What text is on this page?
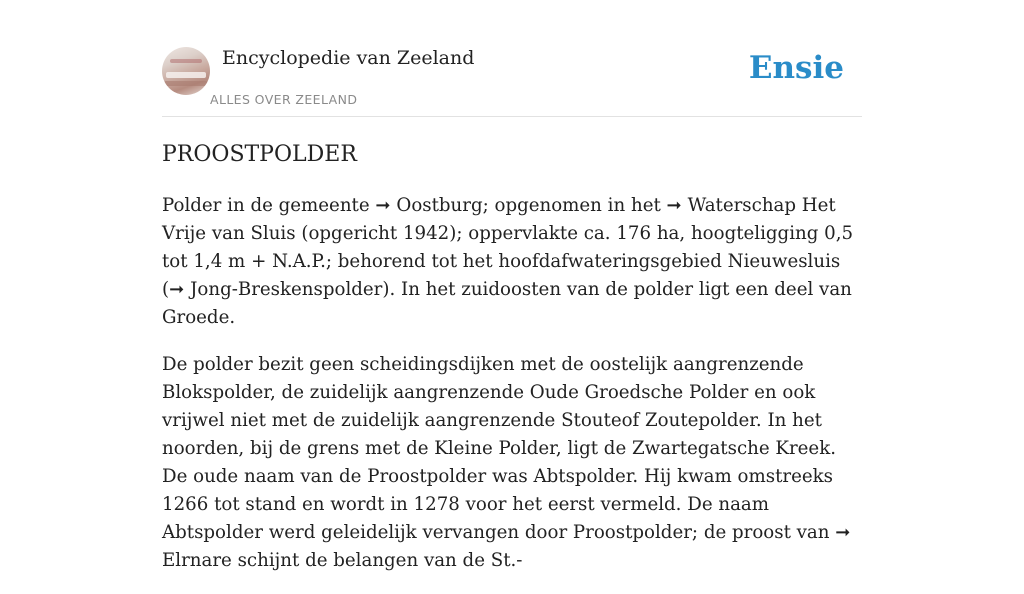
Encyclopedie van Zeeland
ALLES OVER ZEELAND
Ensie
PROOSTPOLDER

Polder in de gemeente ➞ Oostburg; opgenomen in het ➞ Waterschap Het Vrije van Sluis (opgericht 1942); oppervlakte ca. 176 ha, hoogteligging 0,5 tot 1,4 m + N.A.P.; behorend tot het hoofdafwateringsgebied Nieuwesluis (➞ Jong-Breskenspolder). In het zuidoosten van de polder ligt een deel van Groede.

De polder bezit geen scheidingsdijken met de oostelijk aangrenzende Blokspolder, de zuidelijk aangrenzende Oude Groedsche Polder en ook vrijwel niet met de zuidelijk aangrenzende Stouteof Zoutepolder. In het noorden, bij de grens met de Kleine Polder, ligt de Zwartegatsche Kreek. De oude naam van de Proostpolder was Abtspolder. Hij kwam omstreeks 1266 tot stand en wordt in 1278 voor het eerst vermeld. De naam Abtspolder werd geleidelijk vervangen door Proostpolder; de proost van ➞ Elrnare schijnt de belangen van de St.-
